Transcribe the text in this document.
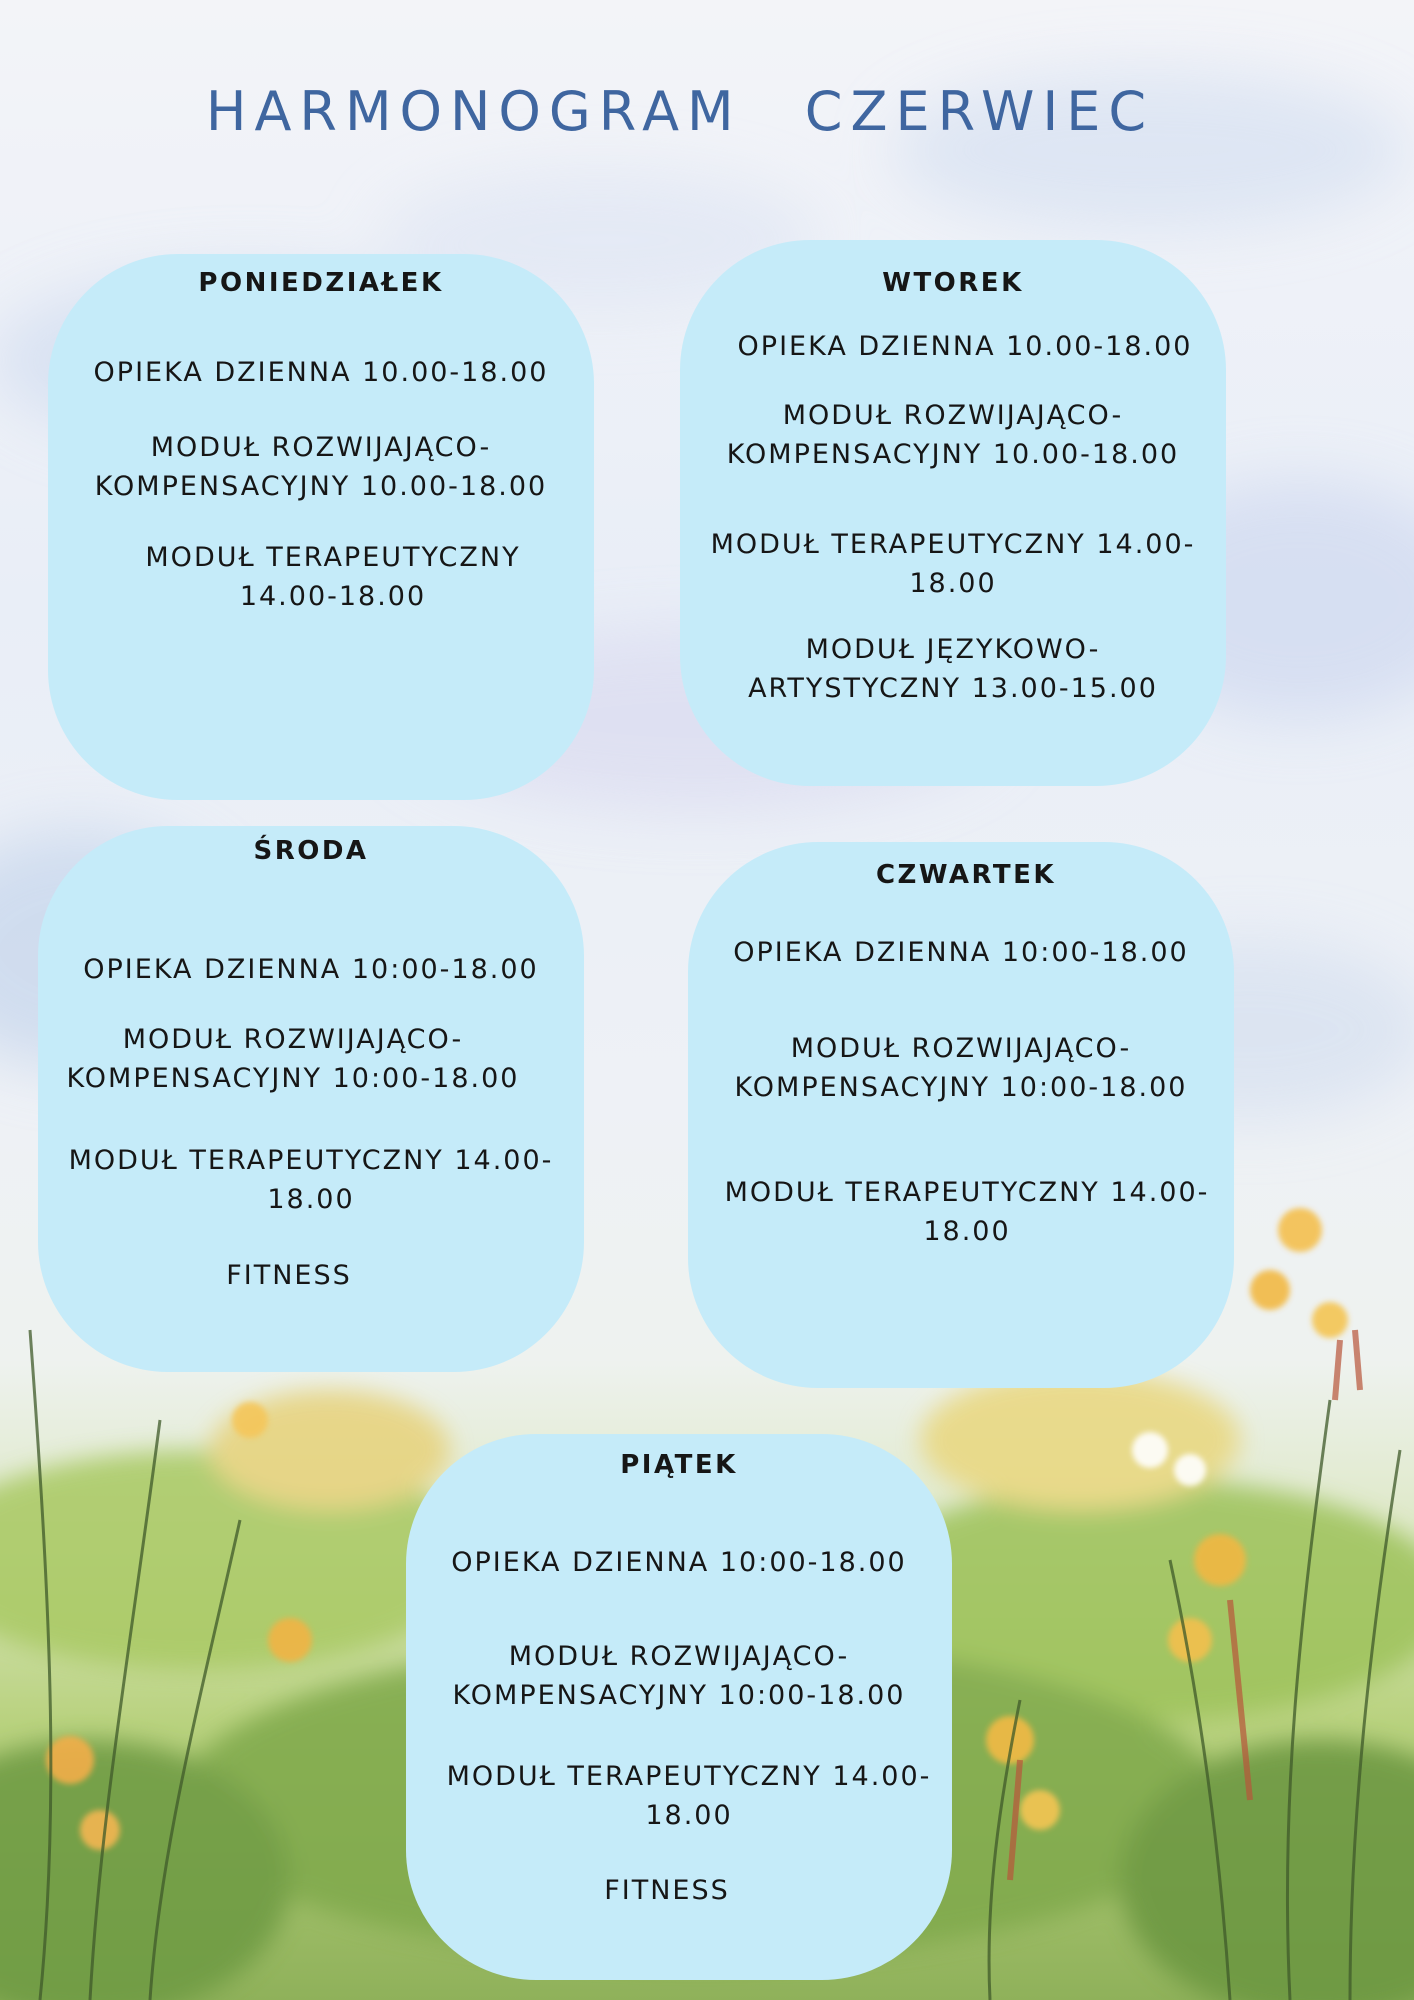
HARMONOGRAM CZERWIEC
PONIEDZIAŁEK
OPIEKA DZIENNA 10.00-18.00
MODUŁ ROZWIJAJĄCO-
KOMPENSACYJNY 10.00-18.00
MODUŁ TERAPEUTYCZNY
14.00-18.00
WTOREK
OPIEKA DZIENNA 10.00-18.00
MODUŁ ROZWIJAJĄCO-
KOMPENSACYJNY 10.00-18.00
MODUŁ TERAPEUTYCZNY 14.00-
18.00
MODUŁ JĘZYKOWO-
ARTYSTYCZNY 13.00-15.00
ŚRODA
OPIEKA DZIENNA 10:00-18.00
MODUŁ ROZWIJAJĄCO-
KOMPENSACYJNY 10:00-18.00
MODUŁ TERAPEUTYCZNY 14.00-
18.00
FITNESS
CZWARTEK
OPIEKA DZIENNA 10:00-18.00
MODUŁ ROZWIJAJĄCO-
KOMPENSACYJNY 10:00-18.00
MODUŁ TERAPEUTYCZNY 14.00-
18.00
PIĄTEK
OPIEKA DZIENNA 10:00-18.00
MODUŁ ROZWIJAJĄCO-
KOMPENSACYJNY 10:00-18.00
MODUŁ TERAPEUTYCZNY 14.00-
18.00
FITNESS
